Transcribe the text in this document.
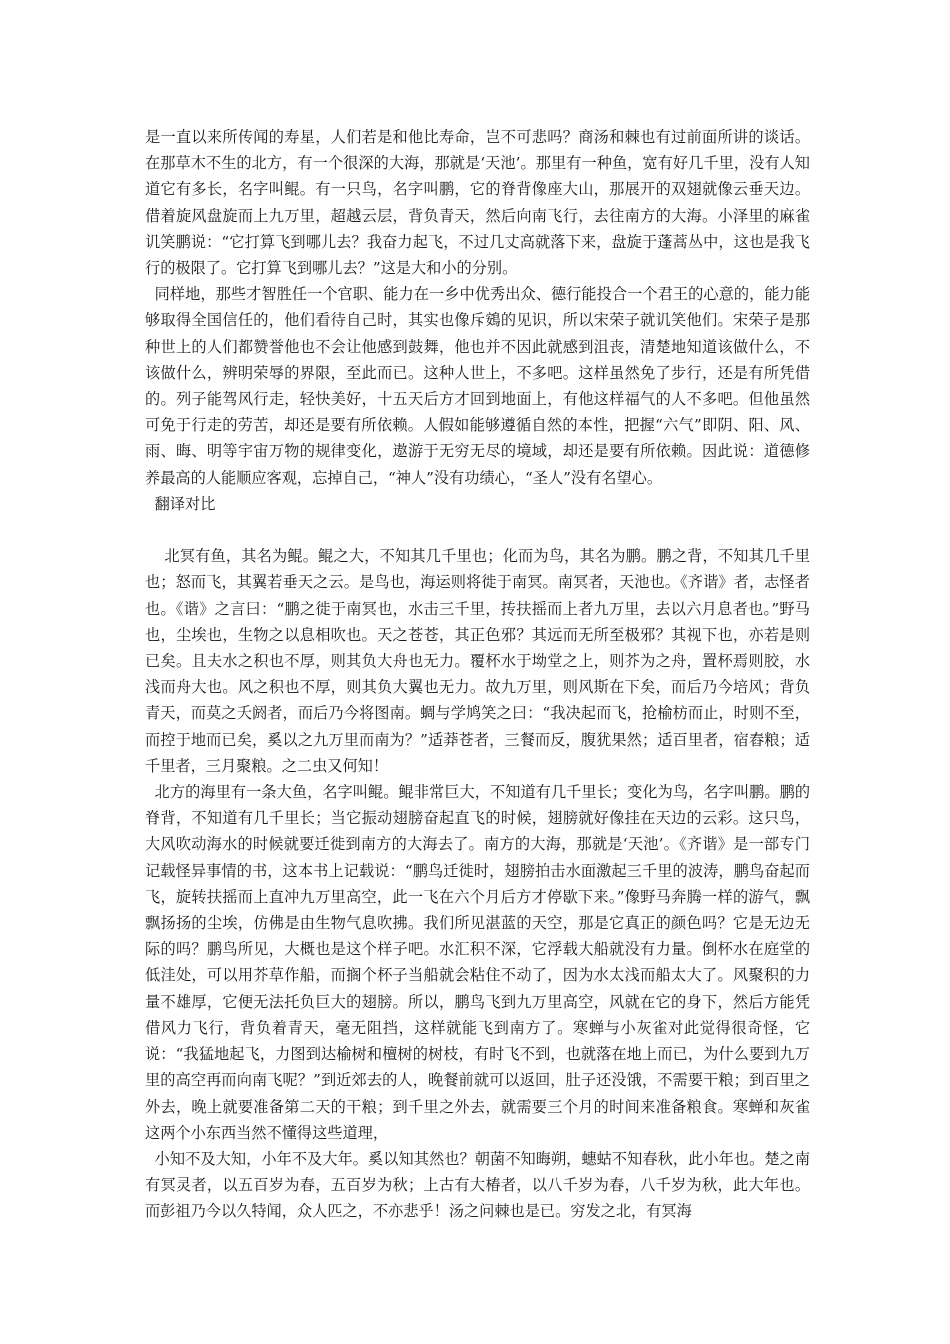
是一直以来所传闻的寿星，人们若是和他比寿命，岂不可悲吗？商汤和棘也有过前面所讲的谈话。在那草木不生的北方，有一个很深的大海，那就是‘天池’。那里有一种鱼，宽有好几千里，没有人知道它有多长，名字叫鲲。有一只鸟，名字叫鹏，它的脊背像座大山，那展开的双翅就像云垂天边。借着旋风盘旋而上九万里，超越云层，背负青天，然后向南飞行，去往南方的大海。小泽里的麻雀讥笑鹏说：“它打算飞到哪儿去？我奋力起飞，不过几丈高就落下来，盘旋于蓬蒿丛中，这也是我飞行的极限了。它打算飞到哪儿去？”这是大和小的分别。

同样地，那些才智胜任一个官职、能力在一乡中优秀出众、德行能投合一个君王的心意的，能力能够取得全国信任的，他们看待自己时，其实也像斥鴳的见识，所以宋荣子就讥笑他们。宋荣子是那种世上的人们都赞誉他也不会让他感到鼓舞，他也并不因此就感到沮丧，清楚地知道该做什么，不该做什么，辨明荣辱的界限，至此而已。这种人世上，不多吧。这样虽然免了步行，还是有所凭借的。列子能驾风行走，轻快美好，十五天后方才回到地面上，有他这样福气的人不多吧。但他虽然可免于行走的劳苦，却还是要有所依赖。人假如能够遵循自然的本性，把握“六气”即阴、阳、风、雨、晦、明等宇宙万物的规律变化，遨游于无穷无尽的境域，却还是要有所依赖。因此说：道德修养最高的人能顺应客观，忘掉自己，“神人”没有功绩心，“圣人”没有名望心。

翻译对比

北冥有鱼，其名为鲲。鲲之大，不知其几千里也；化而为鸟，其名为鹏。鹏之背，不知其几千里也；怒而飞，其翼若垂天之云。是鸟也，海运则将徙于南冥。南冥者，天池也。《齐谐》者，志怪者也。《谐》之言曰：“鹏之徙于南冥也，水击三千里，抟扶摇而上者九万里，去以六月息者也。”野马也，尘埃也，生物之以息相吹也。天之苍苍，其正色邪？其远而无所至极邪？其视下也，亦若是则已矣。且夫水之积也不厚，则其负大舟也无力。覆杯水于坳堂之上，则芥为之舟，置杯焉则胶，水浅而舟大也。风之积也不厚，则其负大翼也无力。故九万里，则风斯在下矣，而后乃今培风；背负青天，而莫之夭阏者，而后乃今将图南。蜩与学鸠笑之曰：“我决起而飞，抢榆枋而止，时则不至，而控于地而已矣，奚以之九万里而南为？”适莽苍者，三餐而反，腹犹果然；适百里者，宿舂粮；适千里者，三月聚粮。之二虫又何知！

北方的海里有一条大鱼，名字叫鲲。鲲非常巨大，不知道有几千里长；变化为鸟，名字叫鹏。鹏的脊背，不知道有几千里长；当它振动翅膀奋起直飞的时候，翅膀就好像挂在天边的云彩。这只鸟，大风吹动海水的时候就要迁徙到南方的大海去了。南方的大海，那就是‘天池’。《齐谐》是一部专门记载怪异事情的书，这本书上记载说：“鹏鸟迁徙时，翅膀拍击水面激起三千里的波涛，鹏鸟奋起而飞，旋转扶摇而上直冲九万里高空，此一飞在六个月后方才停歇下来。”像野马奔腾一样的游气，飘飘扬扬的尘埃，仿佛是由生物气息吹拂。我们所见湛蓝的天空，那是它真正的颜色吗？它是无边无际的吗？鹏鸟所见，大概也是这个样子吧。水汇积不深，它浮载大船就没有力量。倒杯水在庭堂的低洼处，可以用芥草作船，而搁个杯子当船就会粘住不动了，因为水太浅而船太大了。风聚积的力量不雄厚，它便无法托负巨大的翅膀。所以，鹏鸟飞到九万里高空，风就在它的身下，然后方能凭借风力飞行，背负着青天，毫无阻挡，这样就能飞到南方了。寒蝉与小灰雀对此觉得很奇怪，它说：“我猛地起飞，力图到达榆树和檀树的树枝，有时飞不到，也就落在地上而已，为什么要到九万里的高空再而向南飞呢？”到近郊去的人，晚餐前就可以返回，肚子还没饿，不需要干粮；到百里之外去，晚上就要准备第二天的干粮；到千里之外去，就需要三个月的时间来准备粮食。寒蝉和灰雀这两个小东西当然不懂得这些道理，

小知不及大知，小年不及大年。奚以知其然也？朝菌不知晦朔，蟪蛄不知春秋，此小年也。楚之南有冥灵者，以五百岁为春，五百岁为秋；上古有大椿者，以八千岁为春，八千岁为秋，此大年也。而彭祖乃今以久特闻，众人匹之，不亦悲乎！汤之问棘也是已。穷发之北，有冥海
